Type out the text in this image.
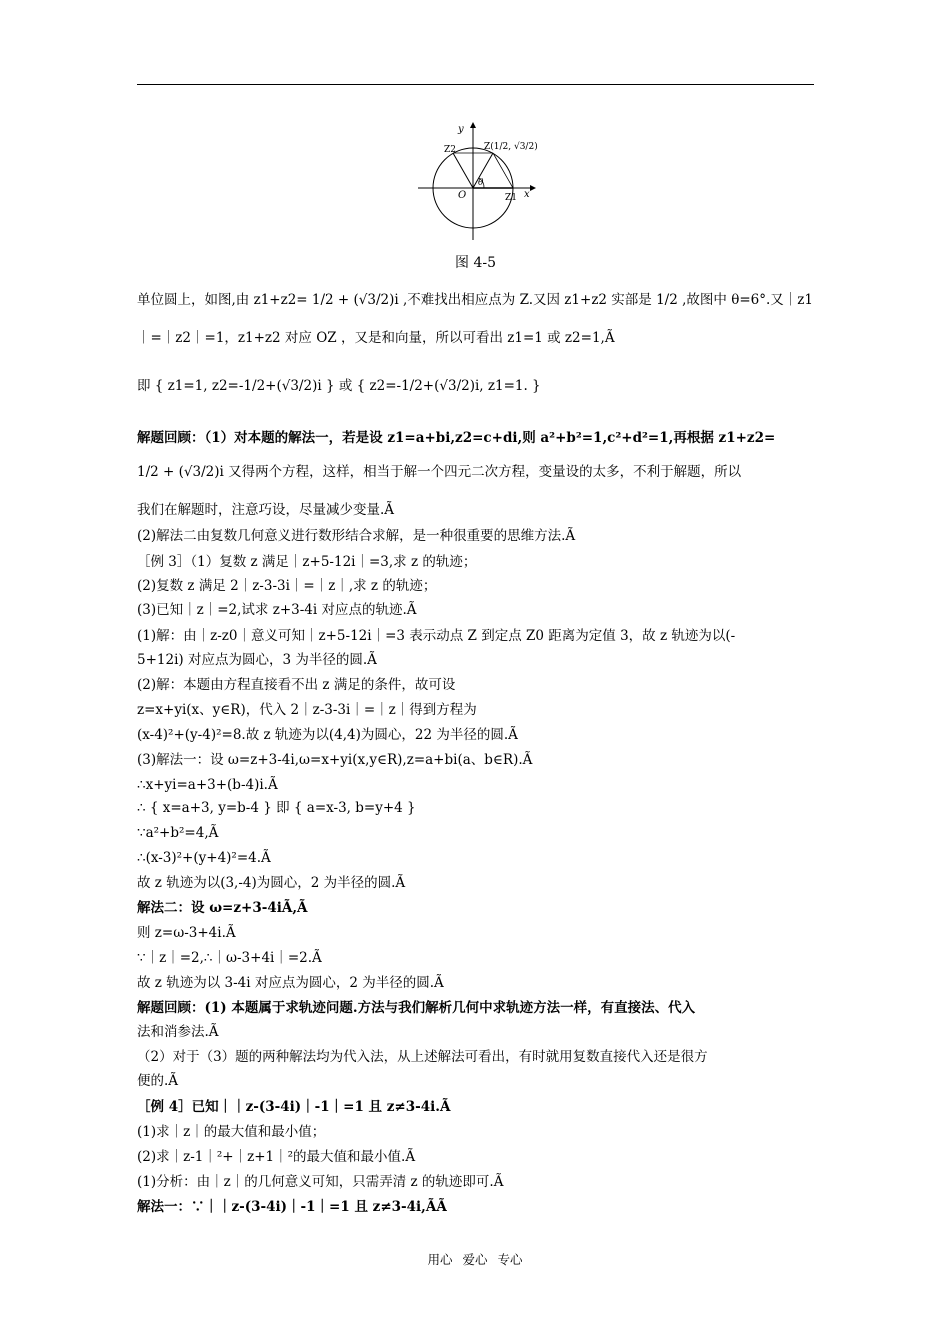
y
x
O
θ
Z1
Z2	Z(1/2, √3/2)
图 4-5
单位圆上，如图,由 z1+z2= 1/2 + (√3/2)i ,不难找出相应点为 Z.又因 z1+z2 实部是 1/2 ,故图中 θ=6°.又｜z1
｜=｜z2｜=1，z1+z2 对应 OZ ，又是和向量，所以可看出 z1=1 或 z2=1,Ã
即 { z1=1, z2=-1/2+(√3/2)i } 或 { z2=-1/2+(√3/2)i, z1=1. }
解题回顾：（1）对本题的解法一，若是设 z1=a+bi,z2=c+di,则 a²+b²=1,c²+d²=1,再根据 z1+z2=
1/2 + (√3/2)i 又得两个方程，这样，相当于解一个四元二次方程，变量设的太多，不利于解题，所以
我们在解题时，注意巧设，尽量减少变量.Ã
(2)解法二由复数几何意义进行数形结合求解，是一种很重要的思维方法.Ã
［例 3］（1）复数 z 满足｜z+5-12i｜=3,求 z 的轨迹；
(2)复数 z 满足 2｜z-3-3i｜=｜z｜,求 z 的轨迹；
(3)已知｜z｜=2,试求 z+3-4i 对应点的轨迹.Ã
(1)解：由｜z-z0｜意义可知｜z+5-12i｜=3 表示动点 Z 到定点 Z0 距离为定值 3，故 z 轨迹为以(-
5+12i) 对应点为圆心，3 为半径的圆.Ã
(2)解：本题由方程直接看不出 z 满足的条件，故可设
z=x+yi(x、y∈R)，代入 2｜z-3-3i｜=｜z｜得到方程为
(x-4)²+(y-4)²=8.故 z 轨迹为以(4,4)为圆心，22 为半径的圆.Ã
(3)解法一：设 ω=z+3-4i,ω=x+yi(x,y∈R),z=a+bi(a、b∈R).Ã
∴x+yi=a+3+(b-4)i.Ã
∴ { x=a+3, y=b-4 } 即 { a=x-3, b=y+4 }
∵a²+b²=4,Ã
∴(x-3)²+(y+4)²=4.Ã
故 z 轨迹为以(3,-4)为圆心，2 为半径的圆.Ã
解法二：设 ω=z+3-4iÃ,Ã
则 z=ω-3+4i.Ã
∵｜z｜=2,∴｜ω-3+4i｜=2.Ã
故 z 轨迹为以 3-4i 对应点为圆心，2 为半径的圆.Ã
解题回顾：(1) 本题属于求轨迹问题.方法与我们解析几何中求轨迹方法一样，有直接法、代入
法和消参法.Ã
（2）对于（3）题的两种解法均为代入法，从上述解法可看出，有时就用复数直接代入还是很方
便的.Ã
［例 4］已知｜｜z-(3-4i)｜-1｜=1 且 z≠3-4i.Ã
(1)求｜z｜的最大值和最小值；
(2)求｜z-1｜²+｜z+1｜²的最大值和最小值.Ã
(1)分析：由｜z｜的几何意义可知，只需弄清 z 的轨迹即可.Ã
解法一：∵｜｜z-(3-4i)｜-1｜=1 且 z≠3-4i,ÃÃ
用心 爱心 专心
